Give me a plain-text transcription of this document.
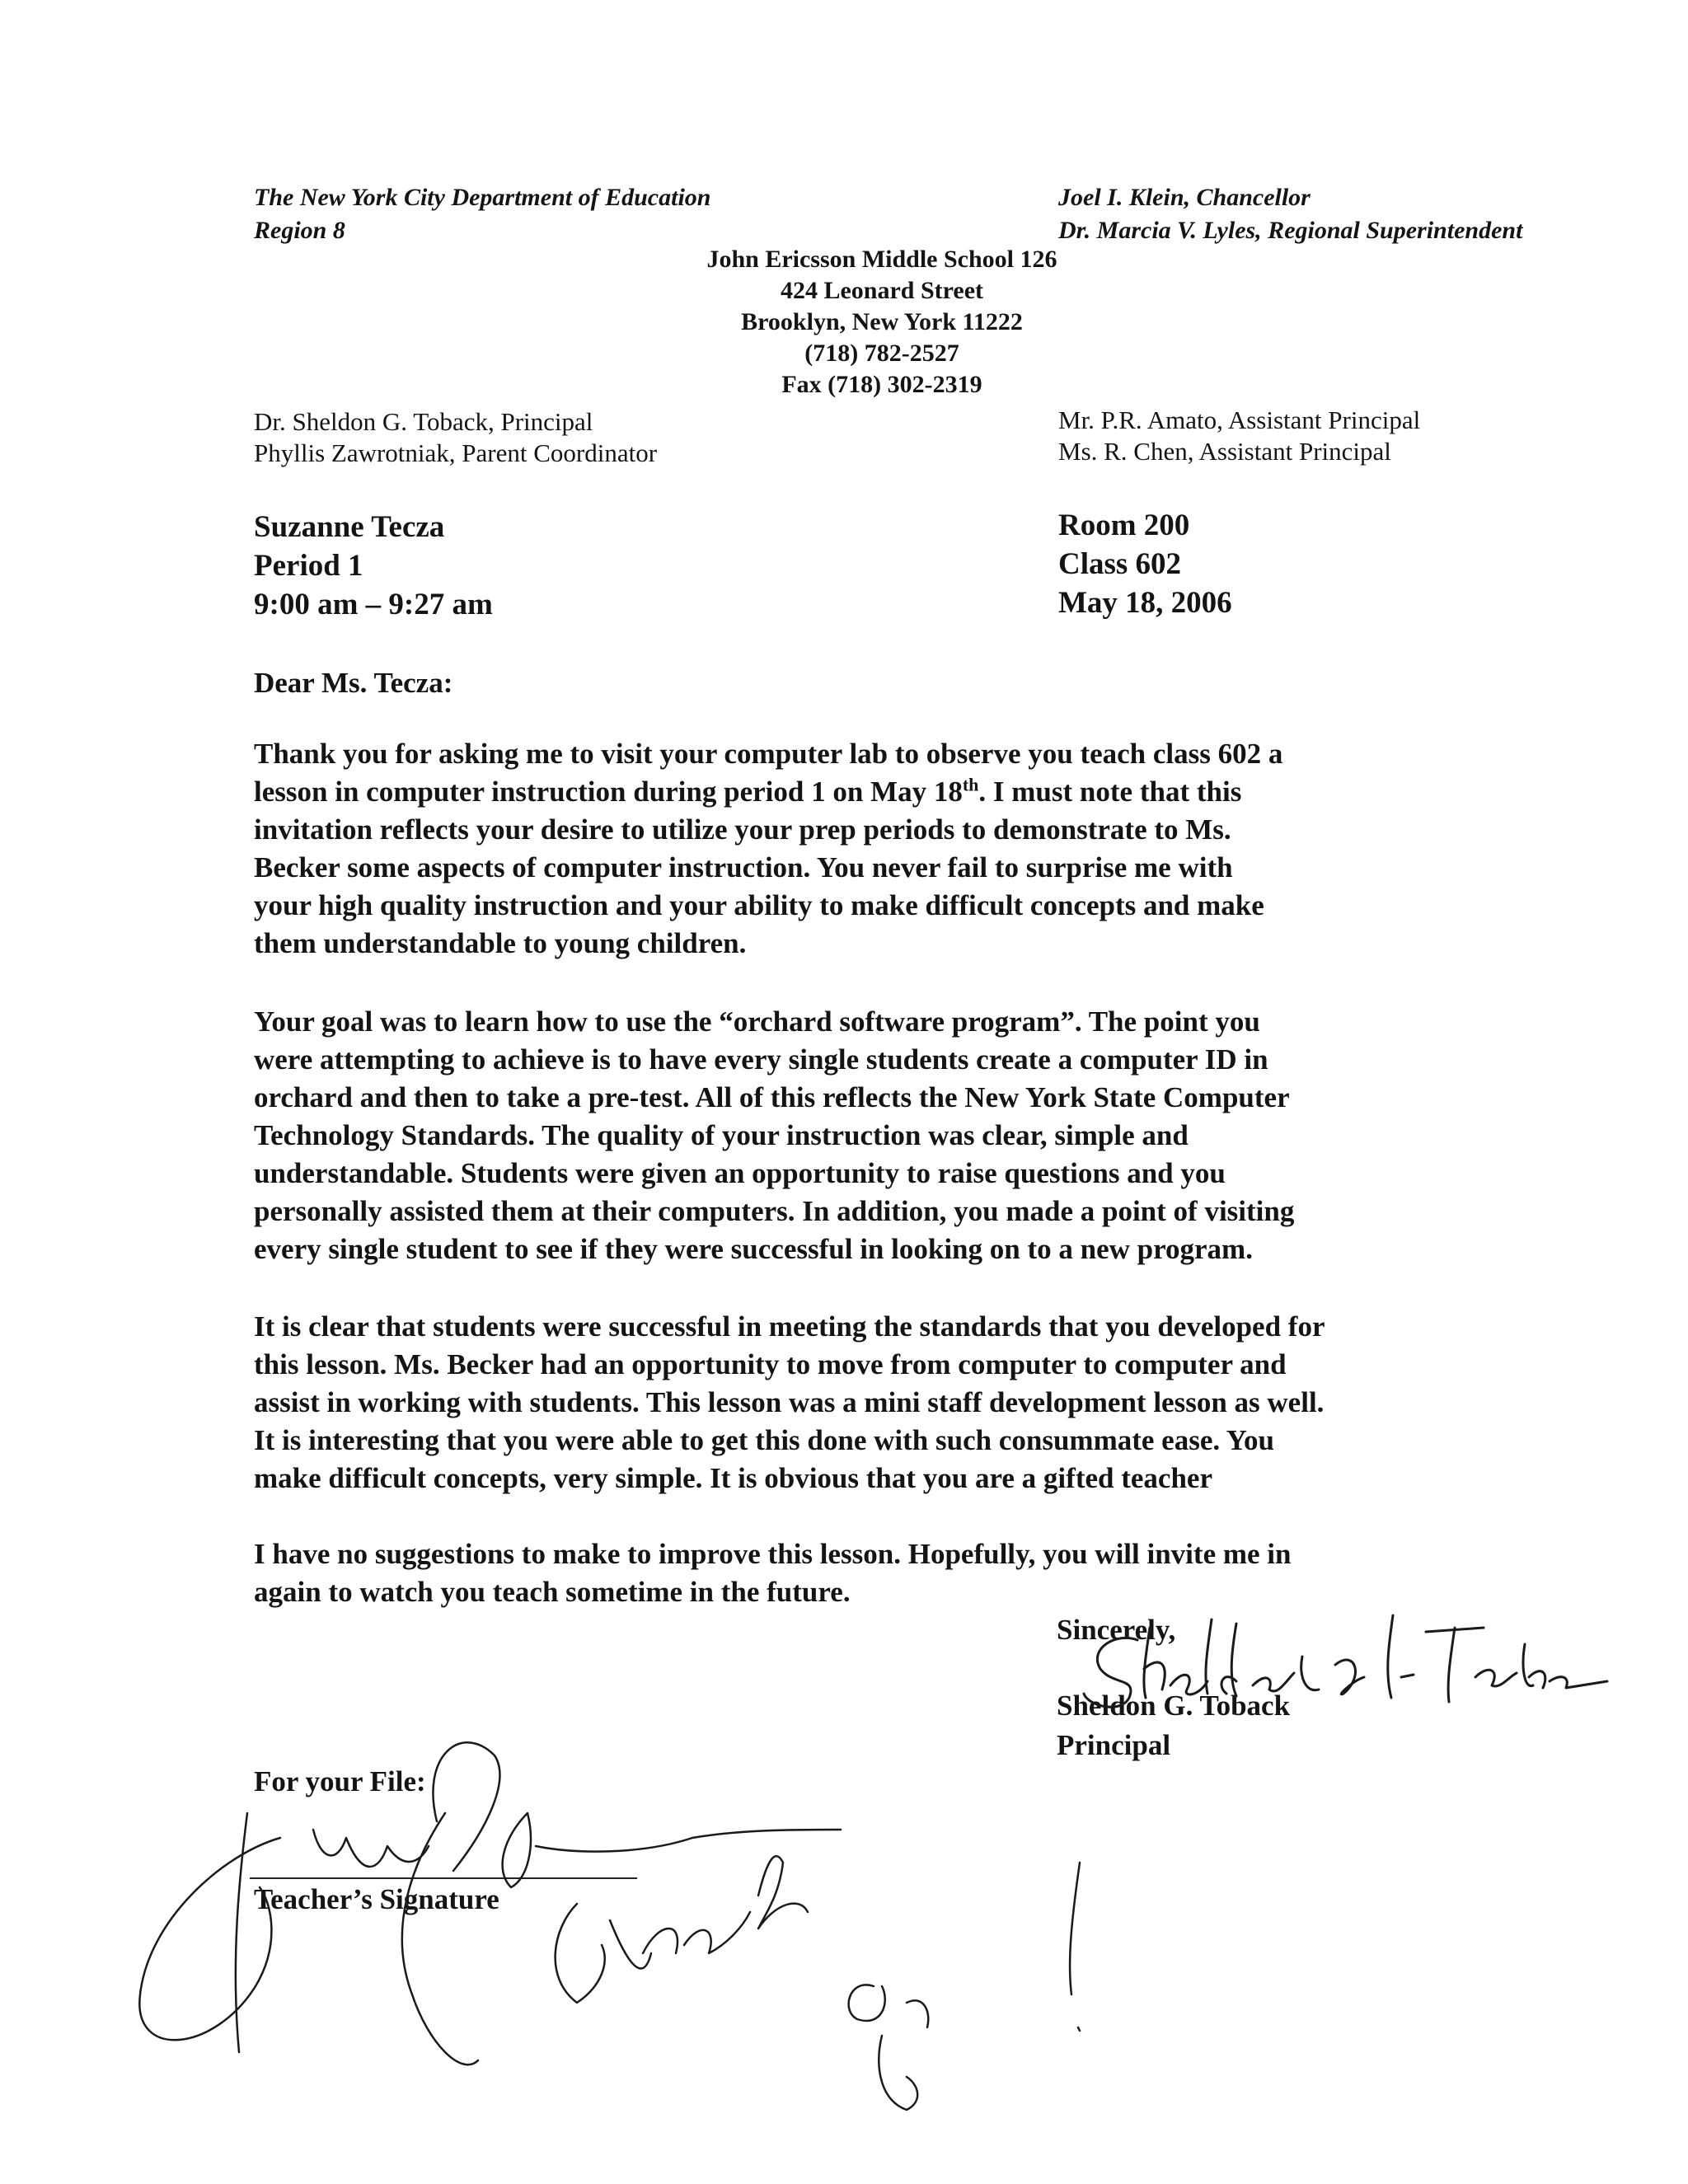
The New York City Department of Education
Region 8
Joel I. Klein, Chancellor
Dr. Marcia V. Lyles, Regional Superintendent
John Ericsson Middle School 126
424 Leonard Street
Brooklyn, New York 11222
(718) 782-2527
Fax (718) 302-2319
Dr. Sheldon G. Toback, Principal
Phyllis Zawrotniak, Parent Coordinator
Mr. P.R. Amato, Assistant Principal
Ms. R. Chen, Assistant Principal
Suzanne Tecza
Period 1
9:00 am – 9:27 am
Room 200
Class 602
May 18, 2006
Dear Ms. Tecza:
Thank you for asking me to visit your computer lab to observe you teach class 602 a
lesson in computer instruction during period 1 on May 18th. I must note that this
invitation reflects your desire to utilize your prep periods to demonstrate to Ms.
Becker some aspects of computer instruction. You never fail to surprise me with
your high quality instruction and your ability to make difficult concepts and make
them understandable to young children.
Your goal was to learn how to use the “orchard software program”. The point you
were attempting to achieve is to have every single students create a computer ID in
orchard and then to take a pre-test. All of this reflects the New York State Computer
Technology Standards. The quality of your instruction was clear, simple and
understandable. Students were given an opportunity to raise questions and you
personally assisted them at their computers. In addition, you made a point of visiting
every single student to see if they were successful in looking on to a new program.
It is clear that students were successful in meeting the standards that you developed for
this lesson. Ms. Becker had an opportunity to move from computer to computer and
assist in working with students. This lesson was a mini staff development lesson as well.
It is interesting that you were able to get this done with such consummate ease. You
make difficult concepts, very simple. It is obvious that you are a gifted teacher
I have no suggestions to make to improve this lesson. Hopefully, you will invite me in
again to watch you teach sometime in the future.
Sincerely,
Sheldon G. Toback
Principal
For your File:
Teacher’s Signature
